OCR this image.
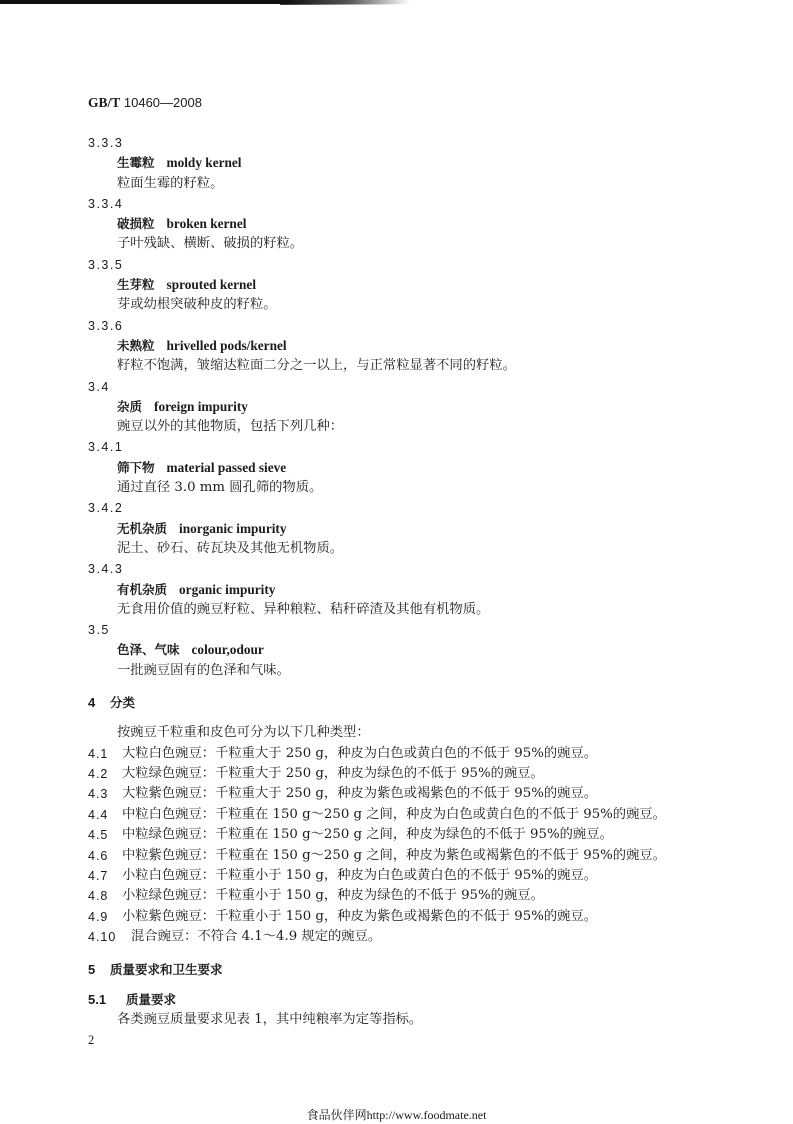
GB/T 10460—2008
3.3.3
生霉粒 moldy kernel
粒面生霉的籽粒。
3.3.4
破损粒 broken kernel
子叶残缺、横断、破损的籽粒。
3.3.5
生芽粒 sprouted kernel
芽或幼根突破种皮的籽粒。
3.3.6
未熟粒 hrivelled pods/kernel
籽粒不饱满，皱缩达粒面二分之一以上，与正常粒显著不同的籽粒。
3.4
杂质 foreign impurity
豌豆以外的其他物质，包括下列几种：
3.4.1
筛下物 material passed sieve
通过直径 3.0 mm 圆孔筛的物质。
3.4.2
无机杂质 inorganic impurity
泥土、砂石、砖瓦块及其他无机物质。
3.4.3
有机杂质 organic impurity
无食用价值的豌豆籽粒、异种粮粒、秸秆碎渣及其他有机物质。
3.5
色泽、气味 colour,odour
一批豌豆固有的色泽和气味。
4 分类
按豌豆千粒重和皮色可分为以下几种类型：
4.1 大粒白色豌豆：千粒重大于 250 g，种皮为白色或黄白色的不低于 95%的豌豆。
4.2 大粒绿色豌豆：千粒重大于 250 g，种皮为绿色的不低于 95%的豌豆。
4.3 大粒紫色豌豆：千粒重大于 250 g，种皮为紫色或褐紫色的不低于 95%的豌豆。
4.4 中粒白色豌豆：千粒重在 150 g～250 g 之间，种皮为白色或黄白色的不低于 95%的豌豆。
4.5 中粒绿色豌豆：千粒重在 150 g～250 g 之间，种皮为绿色的不低于 95%的豌豆。
4.6 中粒紫色豌豆：千粒重在 150 g～250 g 之间，种皮为紫色或褐紫色的不低于 95%的豌豆。
4.7 小粒白色豌豆：千粒重小于 150 g，种皮为白色或黄白色的不低于 95%的豌豆。
4.8 小粒绿色豌豆：千粒重小于 150 g，种皮为绿色的不低于 95%的豌豆。
4.9 小粒紫色豌豆：千粒重小于 150 g，种皮为紫色或褐紫色的不低于 95%的豌豆。
4.10 混合豌豆：不符合 4.1～4.9 规定的豌豆。
5 质量要求和卫生要求
5.1 质量要求
各类豌豆质量要求见表 1，其中纯粮率为定等指标。
2
食品伙伴网http://www.foodmate.net
